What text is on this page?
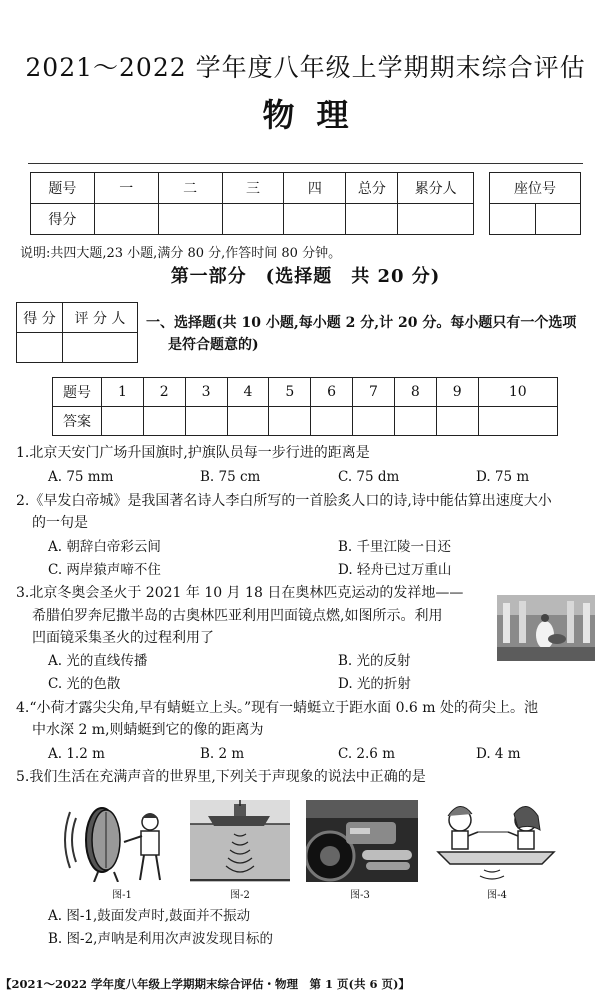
2021～2022 学年度八年级上学期期末综合评估
物理
题号	一	二	三	四	总分	累分人
得分						
座位号

说明:共四大题,23 小题,满分 80 分,作答时间 80 分钟。
第一部分　(选择题　共 20 分)
得 分	评 分 人
	一、选择题(共 10 小题,每小题 2 分,计 20 分。每小题只有一个选项
是符合题意的)
题号	1	2	3	4	5	6	7	8	9	10
答案										
1.北京天安门广场升国旗时,护旗队员每一步行进的距离是
A. 75 mm	B. 75 cm	C. 75 dm	D. 75 m
2.《早发白帝城》是我国著名诗人李白所写的一首脍炙人口的诗,诗中能估算出速度大小
的一句是
A. 朝辞白帝彩云间	B. 千里江陵一日还
C. 两岸猿声啼不住	D. 轻舟已过万重山
3.北京冬奥会圣火于 2021 年 10 月 18 日在奥林匹克运动的发祥地——
希腊伯罗奔尼撒半岛的古奥林匹亚利用凹面镜点燃,如图所示。利用
凹面镜采集圣火的过程利用了
A. 光的直线传播	B. 光的反射
C. 光的色散	D. 光的折射
4.“小荷才露尖尖角,早有蜻蜓立上头。”现有一蜻蜓立于距水面 0.6 m 处的荷尖上。池
中水深 2 m,则蜻蜓到它的像的距离为
A. 1.2 m	B. 2 m	C. 2.6 m	D. 4 m
5.我们生活在充满声音的世界里,下列关于声现象的说法中正确的是
图-1	图-2	图-3	图-4
A. 图-1,鼓面发声时,鼓面并不振动
B. 图-2,声呐是利用次声波发现目标的
【2021～2022 学年度八年级上学期期末综合评估・物理　第 1 页(共 6 页)】
